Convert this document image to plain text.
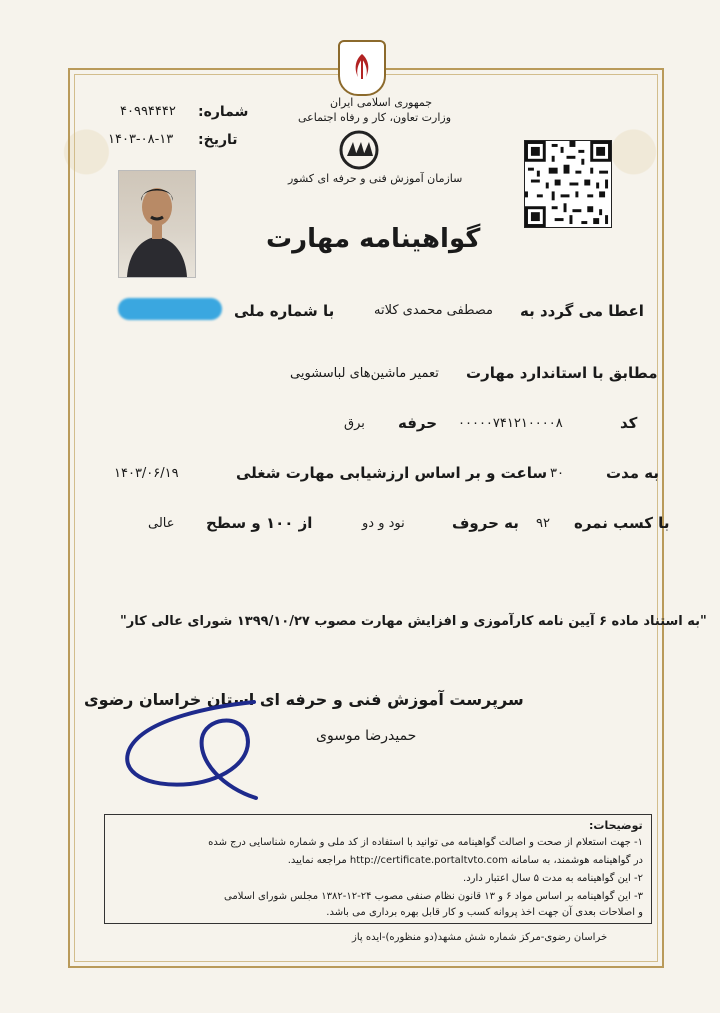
جمهوری اسلامی ایران
وزارت تعاون، کار و رفاه اجتماعی
سازمان آموزش فنی و حرفه ای کشور
شماره:
۴۰۹۹۴۴۴۲
تاریخ:
۱۴۰۳-۰۸-۱۳
گواهینامه مهارت
اعطا می گردد به
مصطفی محمدی کلاته
با شماره ملی
مطابق با استاندارد مهارت
تعمیر ماشین‌های لباسشویی
کد
۰۰۰۰۰۷۴۱۲۱۰۰۰۰۸
حرفه
برق
به مدت
۳۰
ساعت و بر اساس ارزشیابی مهارت شغلی
۱۴۰۳/۰۶/۱۹
با کسب نمره
۹۲
به حروف
نود و دو
از ۱۰۰ و سطح
عالی
"به استناد ماده ۶ آیین نامه کارآموزی و افزایش مهارت مصوب ۱۳۹۹/۱۰/۲۷ شورای عالی کار"
سرپرست آموزش فنی و حرفه ای استان خراسان رضوی
حمیدرضا موسوی
توضیحات:
۱- جهت استعلام از صحت و اصالت گواهینامه می توانید با استفاده از کد ملی و شماره شناسایی درج شده
در گواهینامه هوشمند، به سامانه http://certificate.portaltvto.com مراجعه نمایید.
۲- این گواهینامه به مدت ۵ سال اعتبار دارد.
۳- این گواهینامه بر اساس مواد ۶ و ۱۳ قانون نظام صنفی مصوب ۲۴-۱۲-۱۳۸۲ مجلس شورای اسلامی
و اصلاحات بعدی آن جهت اخذ پروانه کسب و کار قابل بهره برداری می باشد.
خراسان رضوی-مرکز شماره شش مشهد(دو منظوره)-ایده پاز
